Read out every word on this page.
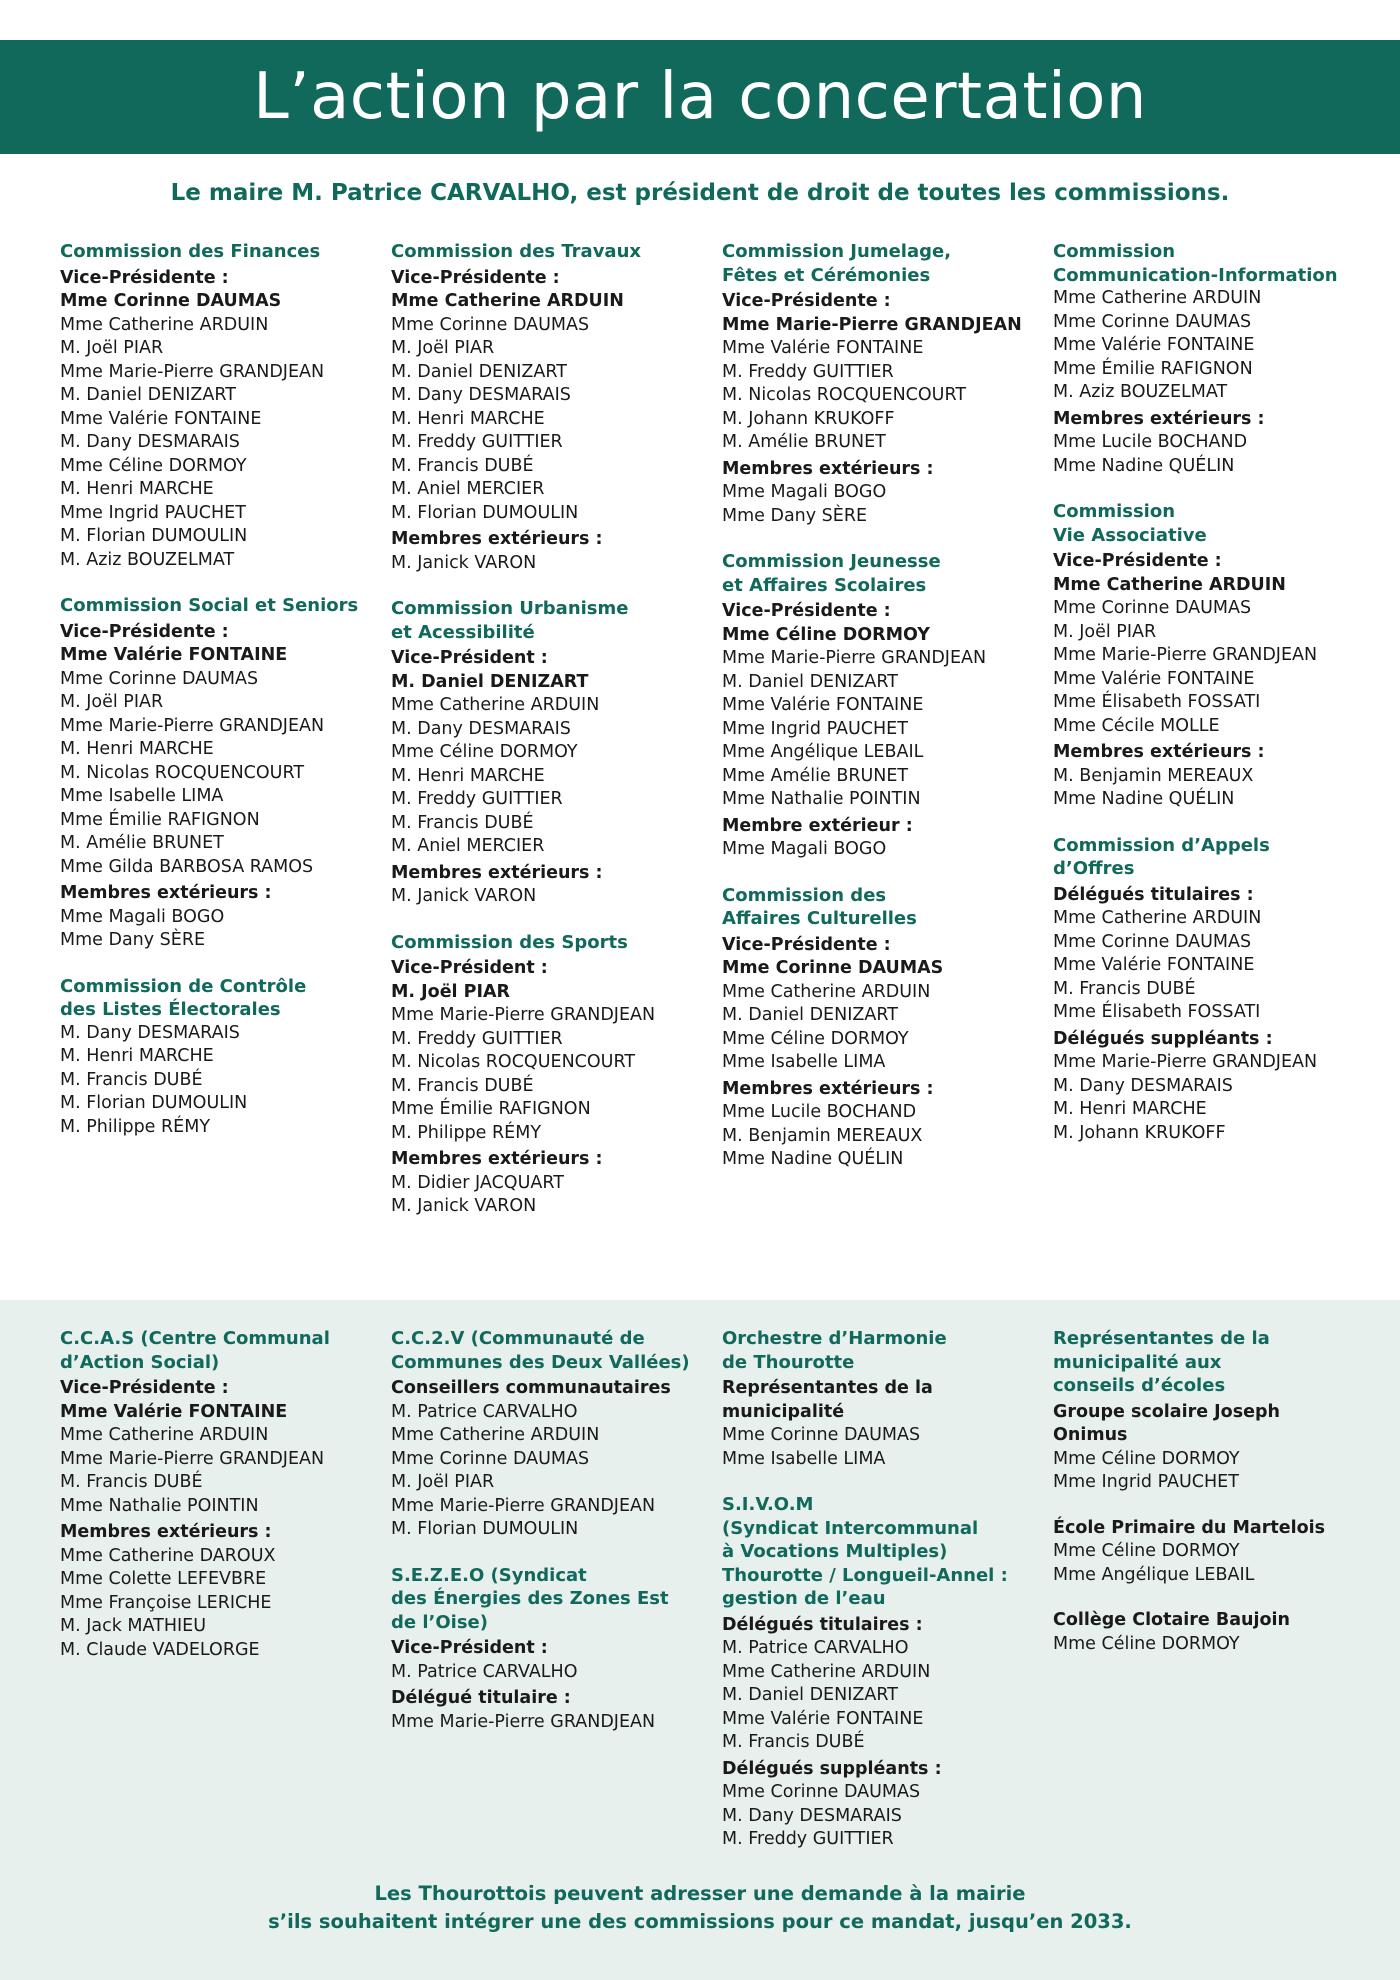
L’action par la concertation
Le maire M. Patrice CARVALHO, est président de droit de toutes les commissions.
Commission des Finances
Vice-Présidente :
Mme Corinne DAUMAS
Mme Catherine ARDUIN
M. Joël PIAR
Mme Marie-Pierre GRANDJEAN
M. Daniel DENIZART
Mme Valérie FONTAINE
M. Dany DESMARAIS
Mme Céline DORMOY
M. Henri MARCHE
Mme Ingrid PAUCHET
M. Florian DUMOULIN
M. Aziz BOUZELMAT
Commission Social et Seniors
Vice-Présidente :
Mme Valérie FONTAINE
Mme Corinne DAUMAS
M. Joël PIAR
Mme Marie-Pierre GRANDJEAN
M. Henri MARCHE
M. Nicolas ROCQUENCOURT
Mme Isabelle LIMA
Mme Émilie RAFIGNON
M. Amélie BRUNET
Mme Gilda BARBOSA RAMOS
Membres extérieurs :
Mme Magali BOGO
Mme Dany SÈRE
Commission de Contrôle
des Listes Électorales
M. Dany DESMARAIS
M. Henri MARCHE
M. Francis DUBÉ
M. Florian DUMOULIN
M. Philippe RÉMY
Commission des Travaux
Vice-Présidente :
Mme Catherine ARDUIN
Mme Corinne DAUMAS
M. Joël PIAR
M. Daniel DENIZART
M. Dany DESMARAIS
M. Henri MARCHE
M. Freddy GUITTIER
M. Francis DUBÉ
M. Aniel MERCIER
M. Florian DUMOULIN
Membres extérieurs :
M. Janick VARON
Commission Urbanisme
et Acessibilité
Vice-Président :
M. Daniel DENIZART
Mme Catherine ARDUIN
M. Dany DESMARAIS
Mme Céline DORMOY
M. Henri MARCHE
M. Freddy GUITTIER
M. Francis DUBÉ
M. Aniel MERCIER
Membres extérieurs :
M. Janick VARON
Commission des Sports
Vice-Président :
M. Joël PIAR
Mme Marie-Pierre GRANDJEAN
M. Freddy GUITTIER
M. Nicolas ROCQUENCOURT
M. Francis DUBÉ
Mme Émilie RAFIGNON
M. Philippe RÉMY
Membres extérieurs :
M. Didier JACQUART
M. Janick VARON
Commission Jumelage,
Fêtes et Cérémonies
Vice-Présidente :
Mme Marie-Pierre GRANDJEAN
Mme Valérie FONTAINE
M. Freddy GUITTIER
M. Nicolas ROCQUENCOURT
M. Johann KRUKOFF
M. Amélie BRUNET
Membres extérieurs :
Mme Magali BOGO
Mme Dany SÈRE
Commission Jeunesse
et Affaires Scolaires
Vice-Présidente :
Mme Céline DORMOY
Mme Marie-Pierre GRANDJEAN
M. Daniel DENIZART
Mme Valérie FONTAINE
Mme Ingrid PAUCHET
Mme Angélique LEBAIL
Mme Amélie BRUNET
Mme Nathalie POINTIN
Membre extérieur :
Mme Magali BOGO
Commission des
Affaires Culturelles
Vice-Présidente :
Mme Corinne DAUMAS
Mme Catherine ARDUIN
M. Daniel DENIZART
Mme Céline DORMOY
Mme Isabelle LIMA
Membres extérieurs :
Mme Lucile BOCHAND
M. Benjamin MEREAUX
Mme Nadine QUÉLIN
Commission
Communication-Information
Mme Catherine ARDUIN
Mme Corinne DAUMAS
Mme Valérie FONTAINE
Mme Émilie RAFIGNON
M. Aziz BOUZELMAT
Membres extérieurs :
Mme Lucile BOCHAND
Mme Nadine QUÉLIN
Commission
Vie Associative
Vice-Présidente :
Mme Catherine ARDUIN
Mme Corinne DAUMAS
M. Joël PIAR
Mme Marie-Pierre GRANDJEAN
Mme Valérie FONTAINE
Mme Élisabeth FOSSATI
Mme Cécile MOLLE
Membres extérieurs :
M. Benjamin MEREAUX
Mme Nadine QUÉLIN
Commission d’Appels
d’Offres
Délégués titulaires :
Mme Catherine ARDUIN
Mme Corinne DAUMAS
Mme Valérie FONTAINE
M. Francis DUBÉ
Mme Élisabeth FOSSATI
Délégués suppléants :
Mme Marie-Pierre GRANDJEAN
M. Dany DESMARAIS
M. Henri MARCHE
M. Johann KRUKOFF
C.C.A.S (Centre Communal
d’Action Social)
Vice-Présidente :
Mme Valérie FONTAINE
Mme Catherine ARDUIN
Mme Marie-Pierre GRANDJEAN
M. Francis DUBÉ
Mme Nathalie POINTIN
Membres extérieurs :
Mme Catherine DAROUX
Mme Colette LEFEVBRE
Mme Françoise LERICHE
M. Jack MATHIEU
M. Claude VADELORGE
C.C.2.V (Communauté de
Communes des Deux Vallées)
Conseillers communautaires
M. Patrice CARVALHO
Mme Catherine ARDUIN
Mme Corinne DAUMAS
M. Joël PIAR
Mme Marie-Pierre GRANDJEAN
M. Florian DUMOULIN
S.E.Z.E.O (Syndicat
des Énergies des Zones Est
de l’Oise)
Vice-Président :
M. Patrice CARVALHO
Délégué titulaire :
Mme Marie-Pierre GRANDJEAN
Orchestre d’Harmonie
de Thourotte
Représentantes de la municipalité
Mme Corinne DAUMAS
Mme Isabelle LIMA
S.I.V.O.M
(Syndicat Intercommunal
à Vocations Multiples)
Thourotte / Longueil-Annel :
gestion de l’eau
Délégués titulaires :
M. Patrice CARVALHO
Mme Catherine ARDUIN
M. Daniel DENIZART
Mme Valérie FONTAINE
M. Francis DUBÉ
Délégués suppléants :
Mme Corinne DAUMAS
M. Dany DESMARAIS
M. Freddy GUITTIER
Représentantes de la
municipalité aux
conseils d’écoles
Groupe scolaire Joseph Onimus
Mme Céline DORMOY
Mme Ingrid PAUCHET
École Primaire du Martelois
Mme Céline DORMOY
Mme Angélique LEBAIL
Collège Clotaire Baujoin
Mme Céline DORMOY
Les Thourottois peuvent adresser une demande à la mairie
s’ils souhaitent intégrer une des commissions pour ce mandat, jusqu’en 2033.
